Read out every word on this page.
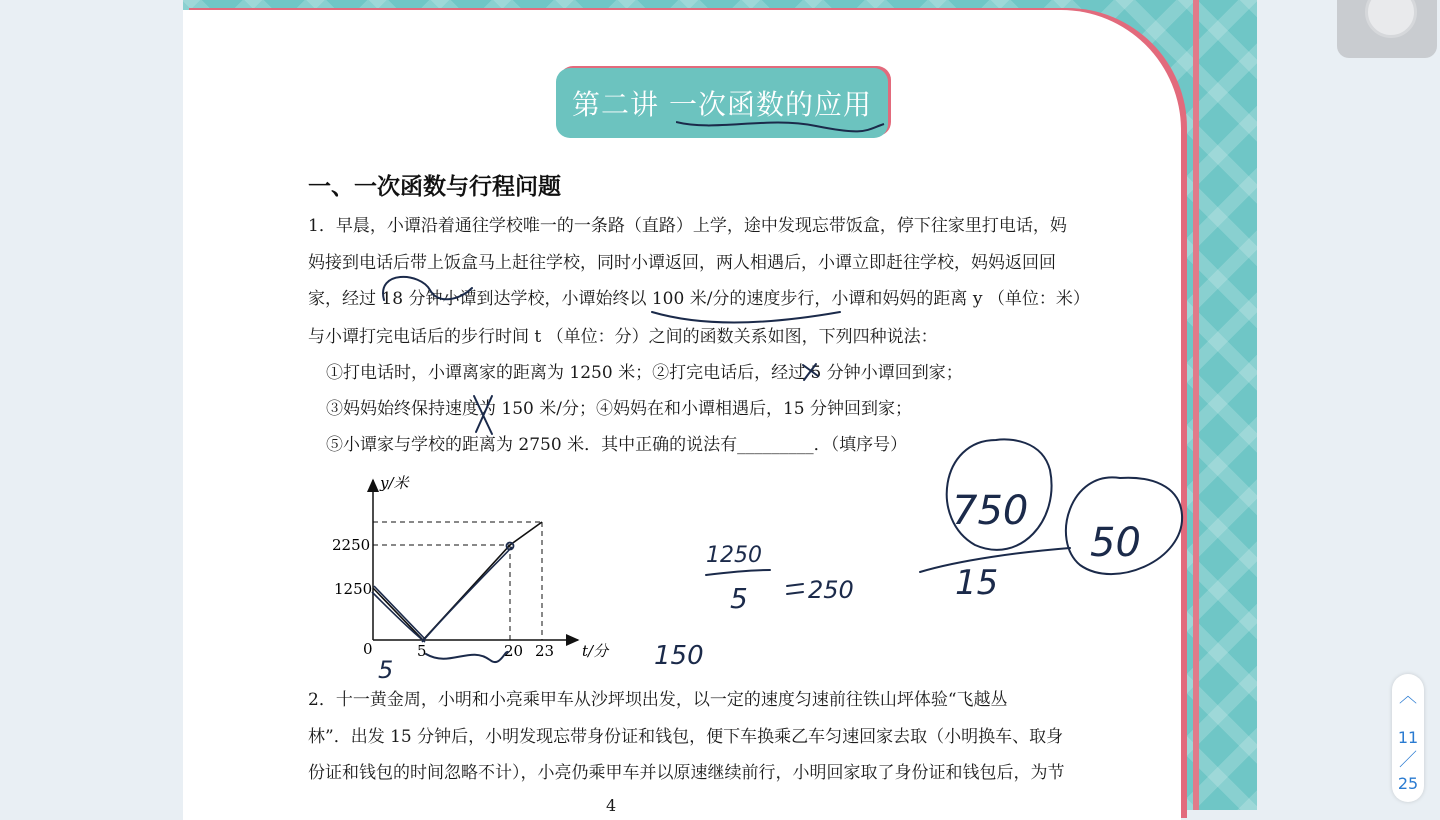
第二讲 一次函数的应用
一、一次函数与行程问题
1．早晨，小谭沿着通往学校唯一的一条路（直路）上学，途中发现忘带饭盒，停下往家里打电话，妈
妈接到电话后带上饭盒马上赶往学校，同时小谭返回，两人相遇后，小谭立即赶往学校，妈妈返回回
家，经过 18 分钟小谭到达学校，小谭始终以 100 米/分的速度步行，小谭和妈妈的距离 y （单位：米）
与小谭打完电话后的步行时间 t （单位：分）之间的函数关系如图，下列四种说法：
①打电话时，小谭离家的距离为 1250 米；②打完电话后，经过 5 分钟小谭回到家；
③妈妈始终保持速度为 150 米/分；④妈妈在和小谭相遇后，15 分钟回到家；
⑤小谭家与学校的距离为 2750 米．其中正确的说法有_________．（填序号）
y/米
t/分
2250
1250
0	5	20 23
750
15
50
1250
5	250
150
5
2．十一黄金周，小明和小亮乘甲车从沙坪坝出发，以一定的速度匀速前往铁山坪体验“飞越丛
林”．出发 15 分钟后，小明发现忘带身份证和钱包，便下车换乘乙车匀速回家去取（小明换车、取身
份证和钱包的时间忽略不计），小亮仍乘甲车并以原速继续前行，小明回家取了身份证和钱包后，为节
4
︿
11
／
25
